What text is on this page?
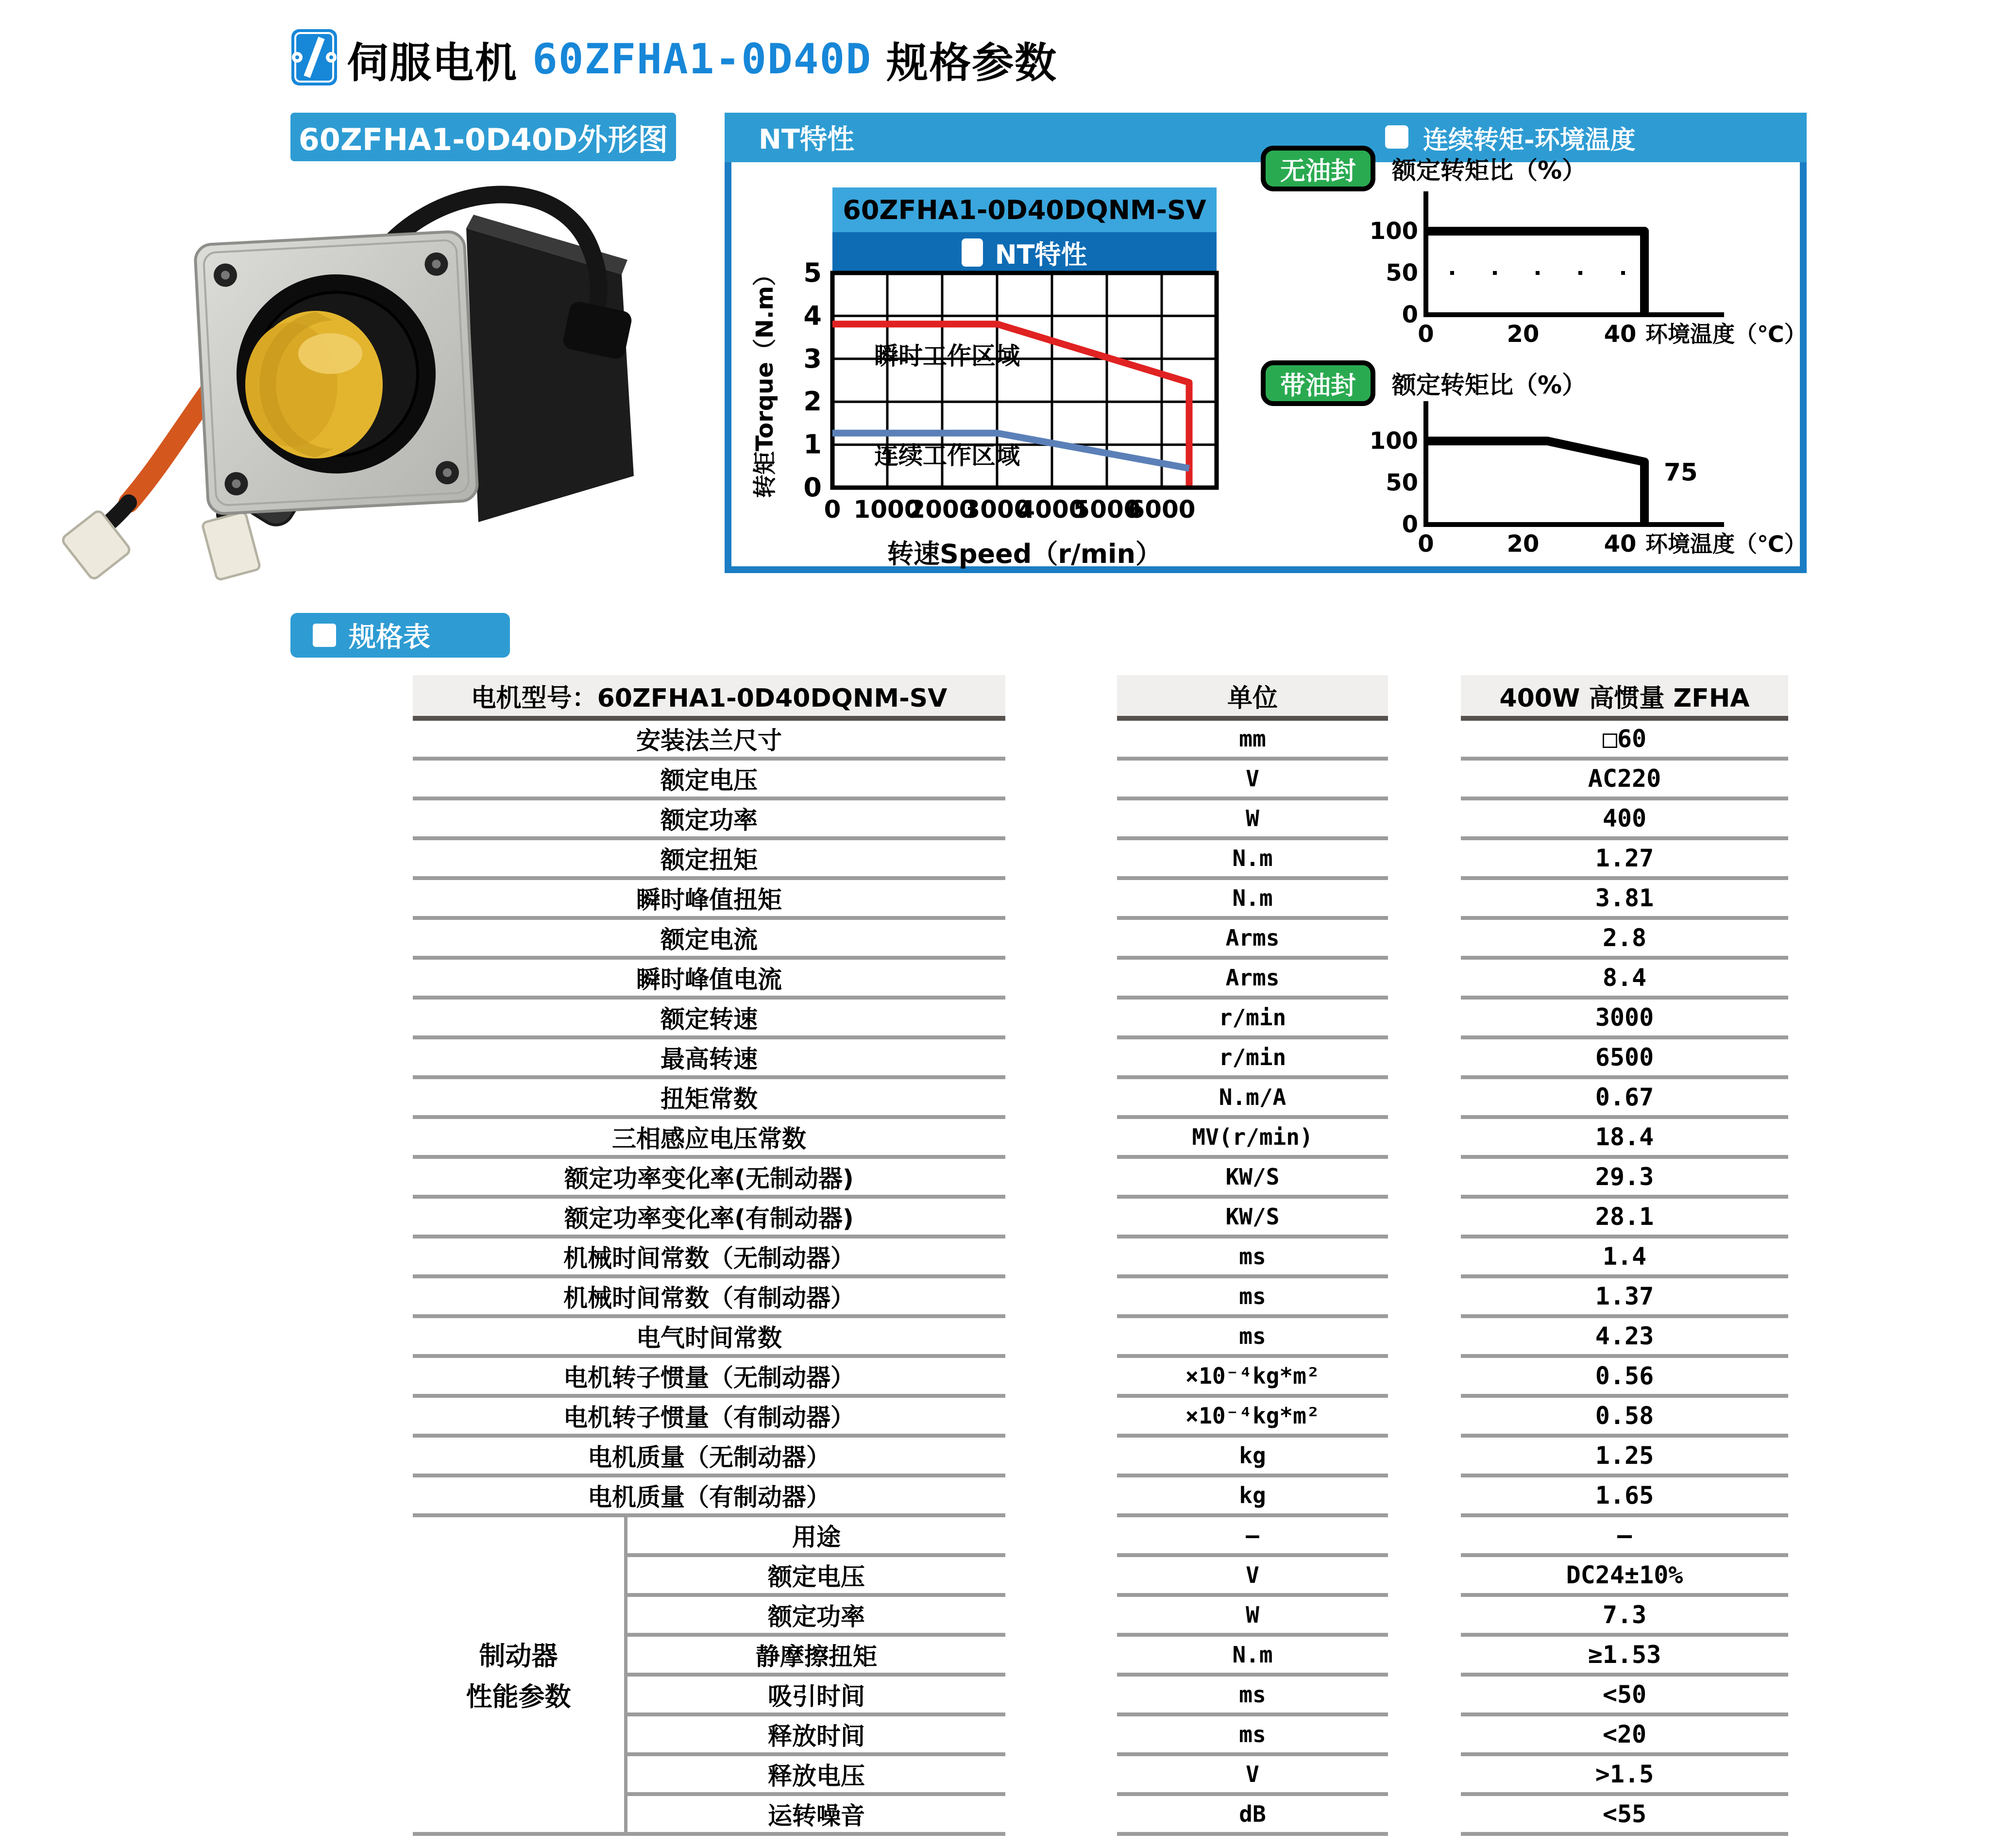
伺服电机 60ZFHA1-0D40D 规格参数
60ZFHA1-0D40D外形图	NT特性	连续转矩-环境温度
60ZFHA1-0D40DQNM-SV
NT特性
0
1
2
3
4
5
0 1000
2000
3000
4000
5000
6000
转速Speed（r/min）
转矩Torque（N.m）	瞬时工作区域
连续工作区域
无油封	额定转矩比（%）
0
50
100
0	20	40 环境温度（℃）
带油封	额定转矩比（%）
0
50
100
0	20	40 环境温度（℃）
75
规格表
电机型号：60ZFHA1-0D40DQNM-SV	单位	400W 高惯量 ZFHA
安装法兰尺寸	mm	□60
额定电压	V	AC220
额定功率	W	400
额定扭矩	N.m	1.27
瞬时峰值扭矩	N.m	3.81
额定电流	Arms	2.8
瞬时峰值电流	Arms	8.4
额定转速	r/min	3000
最高转速	r/min	6500
扭矩常数	N.m/A	0.67
三相感应电压常数	MV(r/min)	18.4
额定功率变化率(无制动器)	KW/S	29.3
额定功率变化率(有制动器)	KW/S	28.1
机械时间常数（无制动器）	ms	1.4
机械时间常数（有制动器）	ms	1.37
电气时间常数	ms	4.23
电机转子惯量（无制动器）	×10⁻⁴kg*m²	0.56
电机转子惯量（有制动器）	×10⁻⁴kg*m²	0.58
电机质量（无制动器）	kg	1.25
电机质量（有制动器）	kg	1.65
用途	—	—
额定电压	V	DC24±10%
额定功率	W	7.3
静摩擦扭矩	N.m	≥1.53
吸引时间	ms	<50
释放时间	ms	<20
释放电压	V	>1.5
运转噪音	dB	<55
制动器
性能参数
